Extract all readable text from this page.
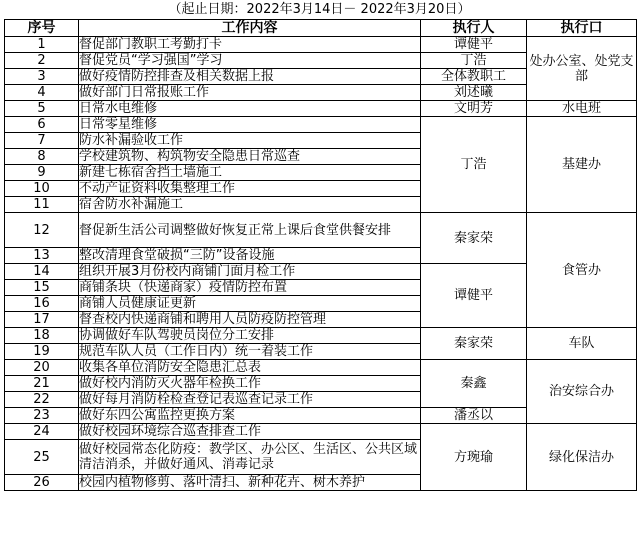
（起止日期：2022年3月14日－ 2022年3月20日）
序号	工作内容	执行人	执行口
1	督促部门教职工考勤打卡	谭健平	处办公室、处党支部
2	督促党员“学习强国”学习	丁浩	
3	做好疫情防控排查及相关数据上报	全体教职工	
4	做好部门日常报账工作	刘述曦	
5	日常水电维修	文明芳	水电班
6	日常零星维修	丁浩	基建办
7	防水补漏验收工作		
8	学校建筑物、构筑物安全隐患日常巡查		
9	新建七栋宿舍挡土墙施工		
10	不动产证资料收集整理工作		
11	宿舍防水补漏施工		
12	督促新生活公司调整做好恢复正常上课后食堂供餐安排	秦家荣	食管办
13	整改清理食堂破损“三防”设备设施		
14	组织开展3月份校内商铺门面月检工作	谭健平	
15	商铺条块（快递商家）疫情防控布置		
16	商铺人员健康证更新		
17	督查校内快递商铺和聘用人员防疫防控管理		
18	协调做好车队驾驶员岗位分工安排	秦家荣	车队
19	规范车队人员（工作日内）统一着装工作		
20	收集各单位消防安全隐患汇总表	秦鑫	治安综合办
21	做好校内消防灭火器年检换工作		
22	做好每月消防栓检查登记表巡查记录工作		
23	做好东四公寓监控更换方案	潘丞以	
24	做好校园环境综合巡查排查工作	方琬瑜	绿化保洁办
25	做好校园常态化防疫：教学区、办公区、生活区、公共区域清洁消杀，并做好通风、消毒记录		
26	校园内植物修剪、落叶清扫、新种花卉、树木养护		
